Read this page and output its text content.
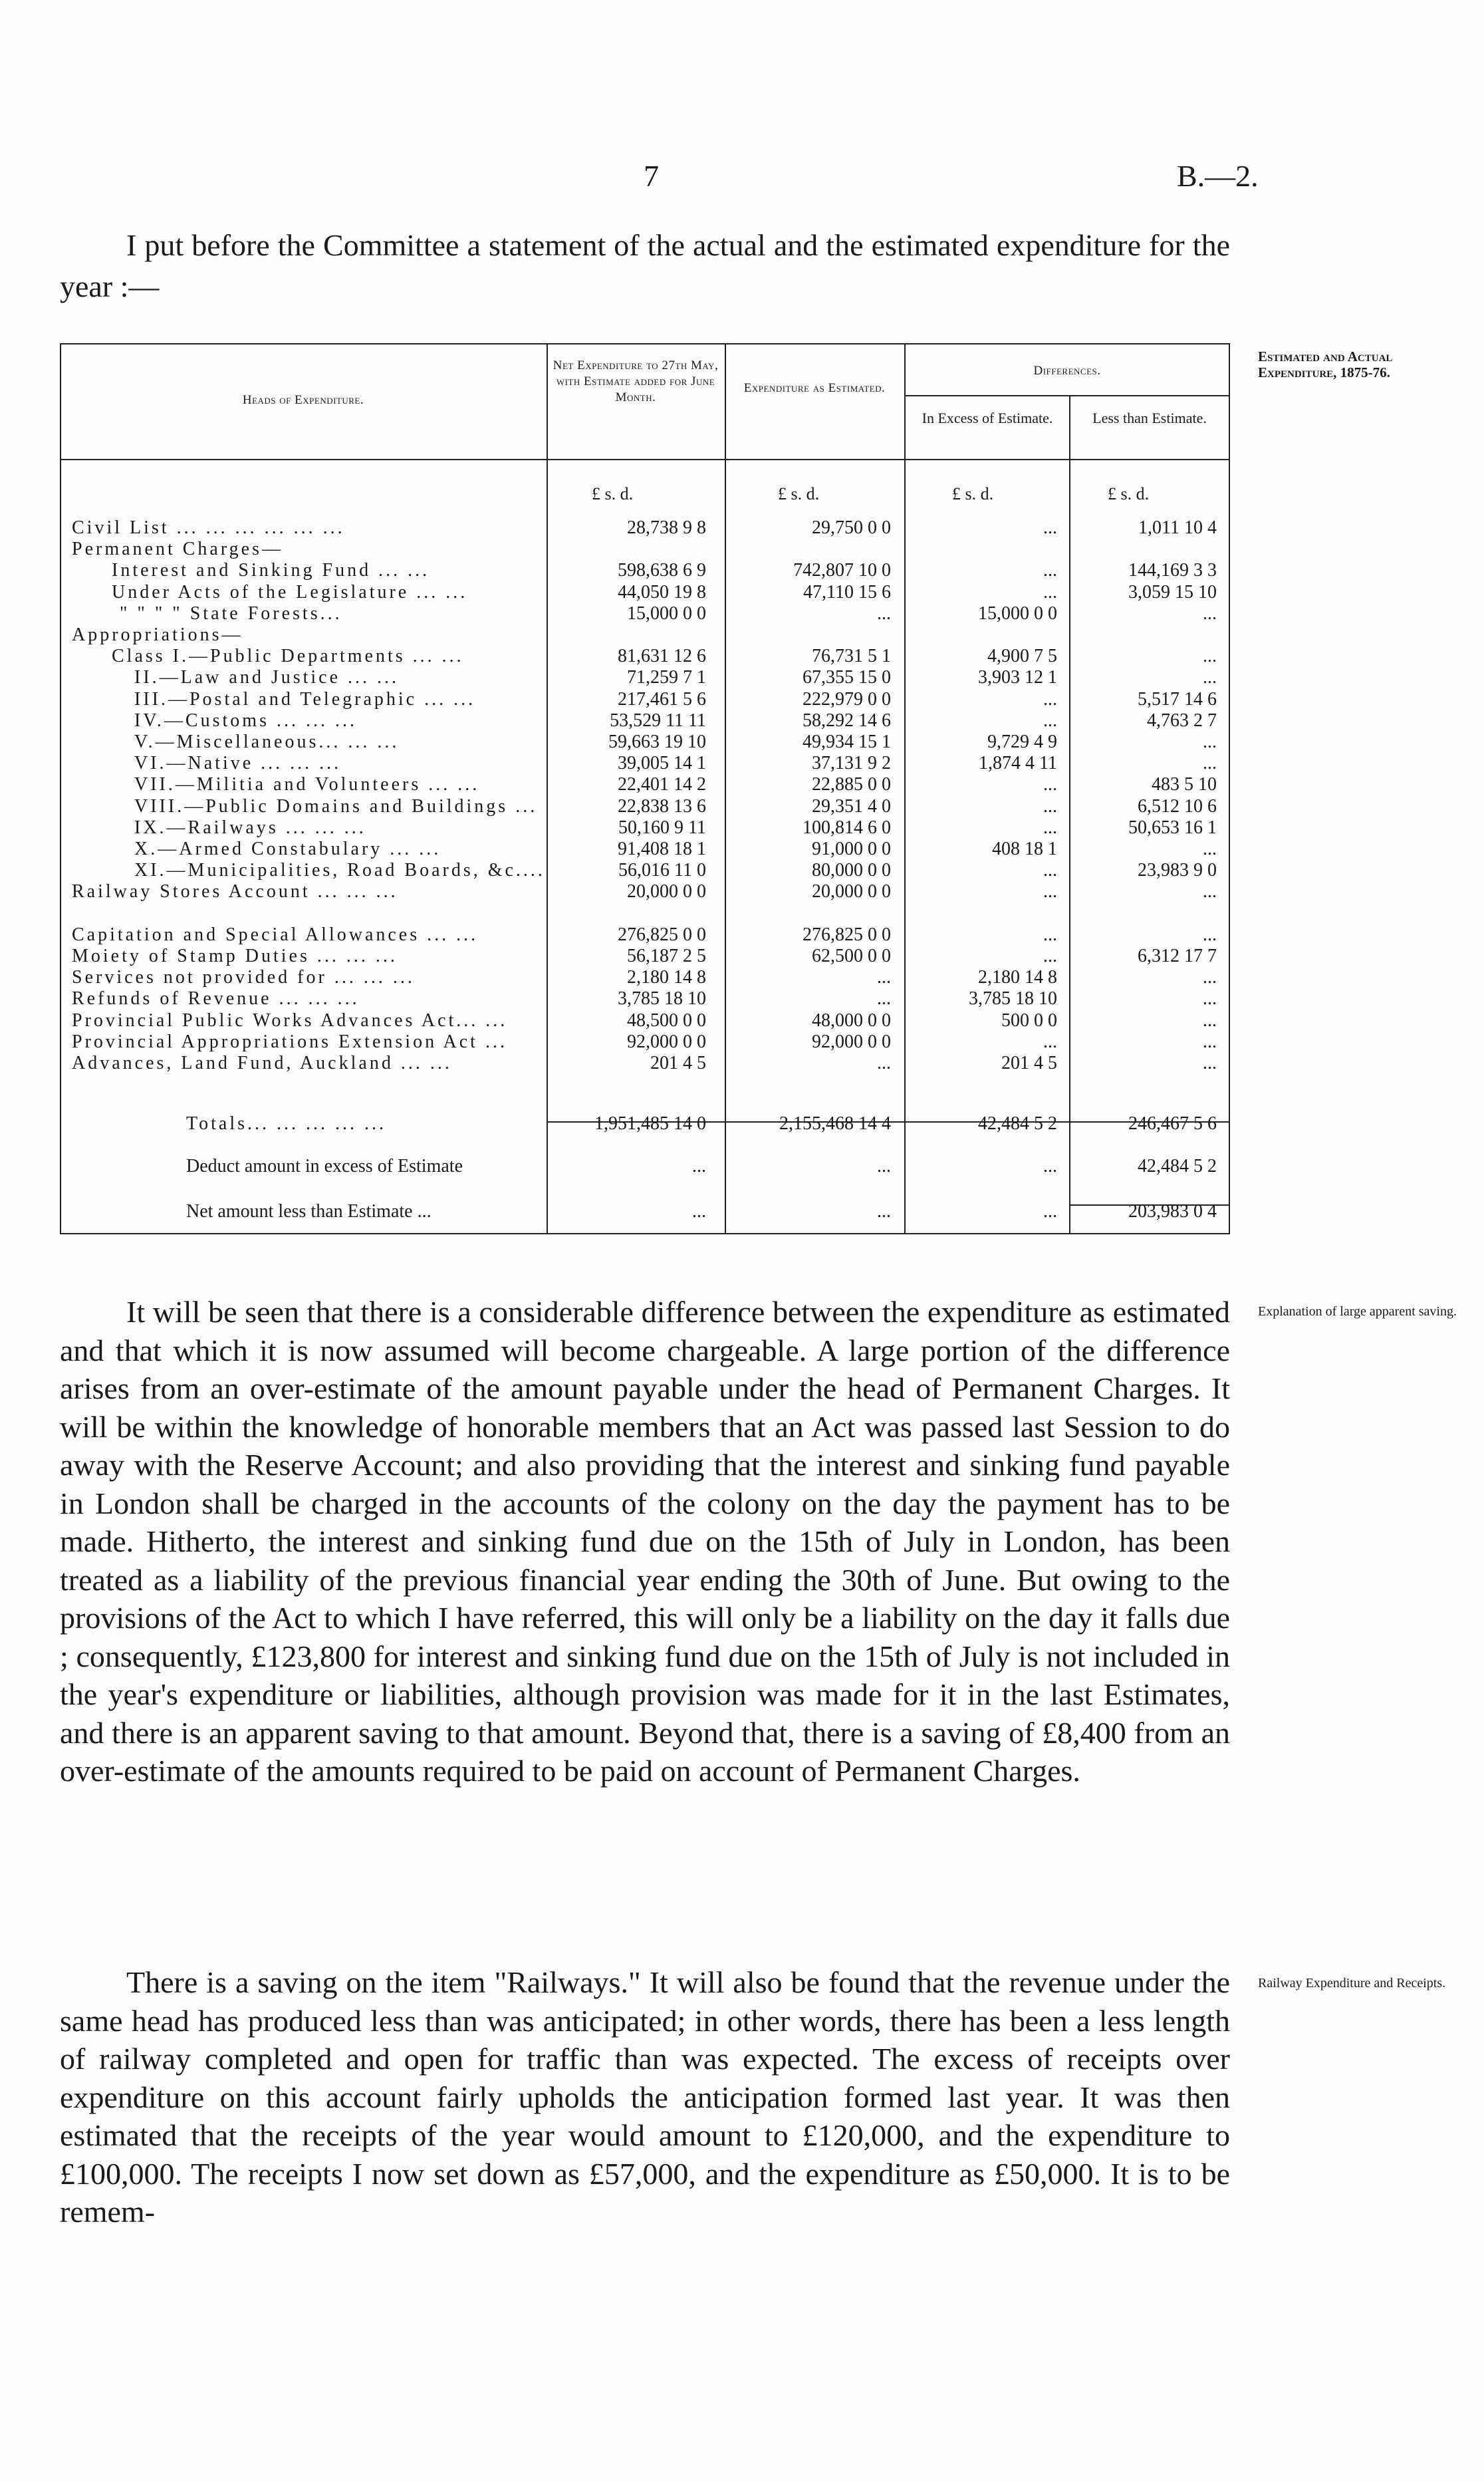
7	B.—2.
I put before the Committee a statement of the actual and the estimated expenditure for the year :—
Estimated and Actual Expenditure, 1875-76.
Explanation of large apparent saving.
Railway Expenditure and Receipts.
Heads of Expenditure.
Net Expenditure to 27th May, with Estimate added for June Month.
Expenditure as Estimated.
Differences.
In Excess of Estimate.	Less than Estimate.
£ s. d.	£ s. d.	£ s. d.	£ s. d.
Civil List ... ... ... ... ... ...	28,738 9 8	29,750 0 0	...	1,011 10 4
Permanent Charges—
Interest and Sinking Fund ... ...	598,638 6 9	742,807 10 0	...	144,169 3 3
Under Acts of the Legislature ... ...	44,050 19 8	47,110 15 6	...	3,059 15 10
" " " " State Forests...	15,000 0 0	...	15,000 0 0	...
Appropriations—
Class I.—Public Departments ... ...	81,631 12 6	76,731 5 1	4,900 7 5	...
II.—Law and Justice ... ...	71,259 7 1	67,355 15 0	3,903 12 1	...
III.—Postal and Telegraphic ... ...	217,461 5 6	222,979 0 0	...	5,517 14 6
IV.—Customs ... ... ...	53,529 11 11	58,292 14 6	...	4,763 2 7
V.—Miscellaneous... ... ...	59,663 19 10	49,934 15 1	9,729 4 9	...
VI.—Native ... ... ...	39,005 14 1	37,131 9 2	1,874 4 11	...
VII.—Militia and Volunteers ... ...	22,401 14 2	22,885 0 0	...	483 5 10
VIII.—Public Domains and Buildings ...	22,838 13 6	29,351 4 0	...	6,512 10 6
IX.—Railways ... ... ...	50,160 9 11	100,814 6 0	...	50,653 16 1
X.—Armed Constabulary ... ...	91,408 18 1	91,000 0 0	408 18 1	...
XI.—Municipalities, Road Boards, &c....	56,016 11 0	80,000 0 0	...	23,983 9 0
Railway Stores Account ... ... ...	20,000 0 0	20,000 0 0	...	...
Capitation and Special Allowances ... ...	276,825 0 0	276,825 0 0	...	...
Moiety of Stamp Duties ... ... ...	56,187 2 5	62,500 0 0	...	6,312 17 7
Services not provided for ... ... ...	2,180 14 8	...	2,180 14 8	...
Refunds of Revenue ... ... ...	3,785 18 10	...	3,785 18 10	...
Provincial Public Works Advances Act... ...	48,500 0 0	48,000 0 0	500 0 0	...
Provincial Appropriations Extension Act ...	92,000 0 0	92,000 0 0	...	...
Advances, Land Fund, Auckland ... ...	201 4 5	...	201 4 5	...
Totals... ... ... ... ...	1,951,485 14 0	2,155,468 14 4	42,484 5 2	246,467 5 6
Deduct amount in excess of Estimate	...	...	...	42,484 5 2
Net amount less than Estimate ...	...	...	...	203,983 0 4
It will be seen that there is a considerable difference between the expenditure as estimated and that which it is now assumed will become chargeable. A large portion of the difference arises from an over-estimate of the amount payable under the head of Permanent Charges. It will be within the knowledge of honorable members that an Act was passed last Session to do away with the Reserve Account; and also providing that the interest and sinking fund payable in London shall be charged in the accounts of the colony on the day the payment has to be made. Hitherto, the interest and sinking fund due on the 15th of July in London, has been treated as a liability of the previous financial year ending the 30th of June. But owing to the provisions of the Act to which I have referred, this will only be a liability on the day it falls due ; consequently, £123,800 for interest and sinking fund due on the 15th of July is not included in the year's expenditure or liabilities, although provision was made for it in the last Estimates, and there is an apparent saving to that amount. Beyond that, there is a saving of £8,400 from an over-estimate of the amounts required to be paid on account of Permanent Charges.
There is a saving on the item "Railways." It will also be found that the revenue under the same head has produced less than was anticipated; in other words, there has been a less length of railway completed and open for traffic than was expected. The excess of receipts over expenditure on this account fairly upholds the anticipation formed last year. It was then estimated that the receipts of the year would amount to £120,000, and the expenditure to £100,000. The receipts I now set down as £57,000, and the expenditure as £50,000. It is to be remem-
